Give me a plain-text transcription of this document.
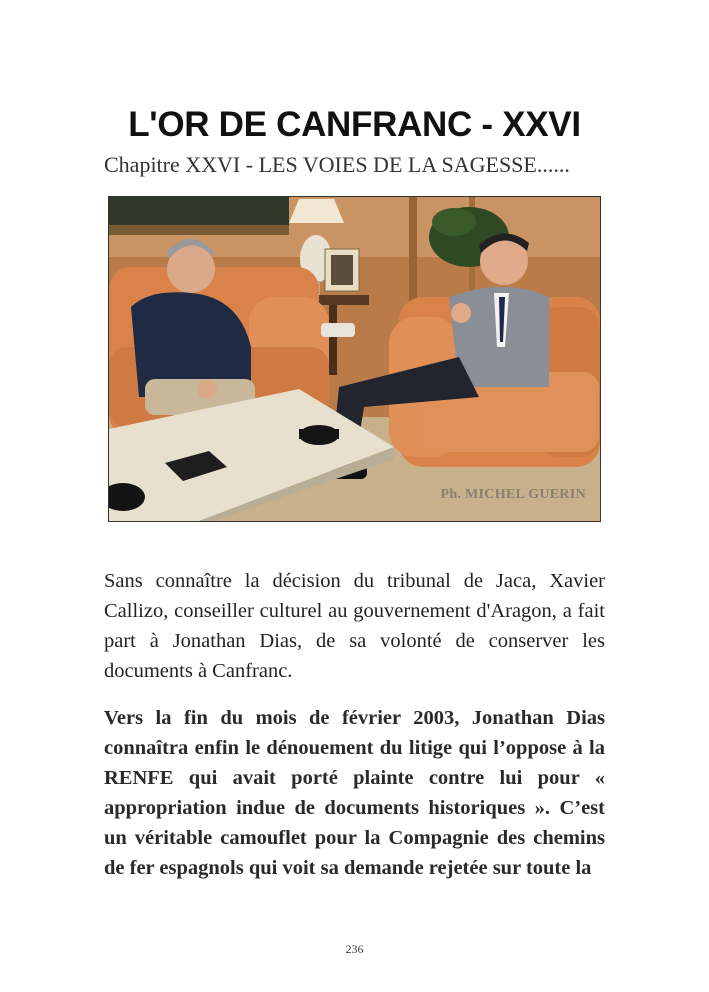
L'OR DE CANFRANC - XXVI
Chapitre XXVI - LES VOIES DE LA SAGESSE......
Ph. MICHEL GUERIN

Sans connaître la décision du tribunal de Jaca, Xavier Callizo, conseiller culturel au gouvernement d'Aragon, a fait part à Jonathan Dias, de sa volonté de conserver les documents à Canfranc.

Vers la fin du mois de février 2003, Jonathan Dias connaîtra enfin le dénouement du litige qui l’oppose à la RENFE qui avait porté plainte contre lui pour « appropriation indue de documents historiques ». C’est un véritable camouflet pour la Compagnie des chemins de fer espagnols qui voit sa demande rejetée sur toute la

236
